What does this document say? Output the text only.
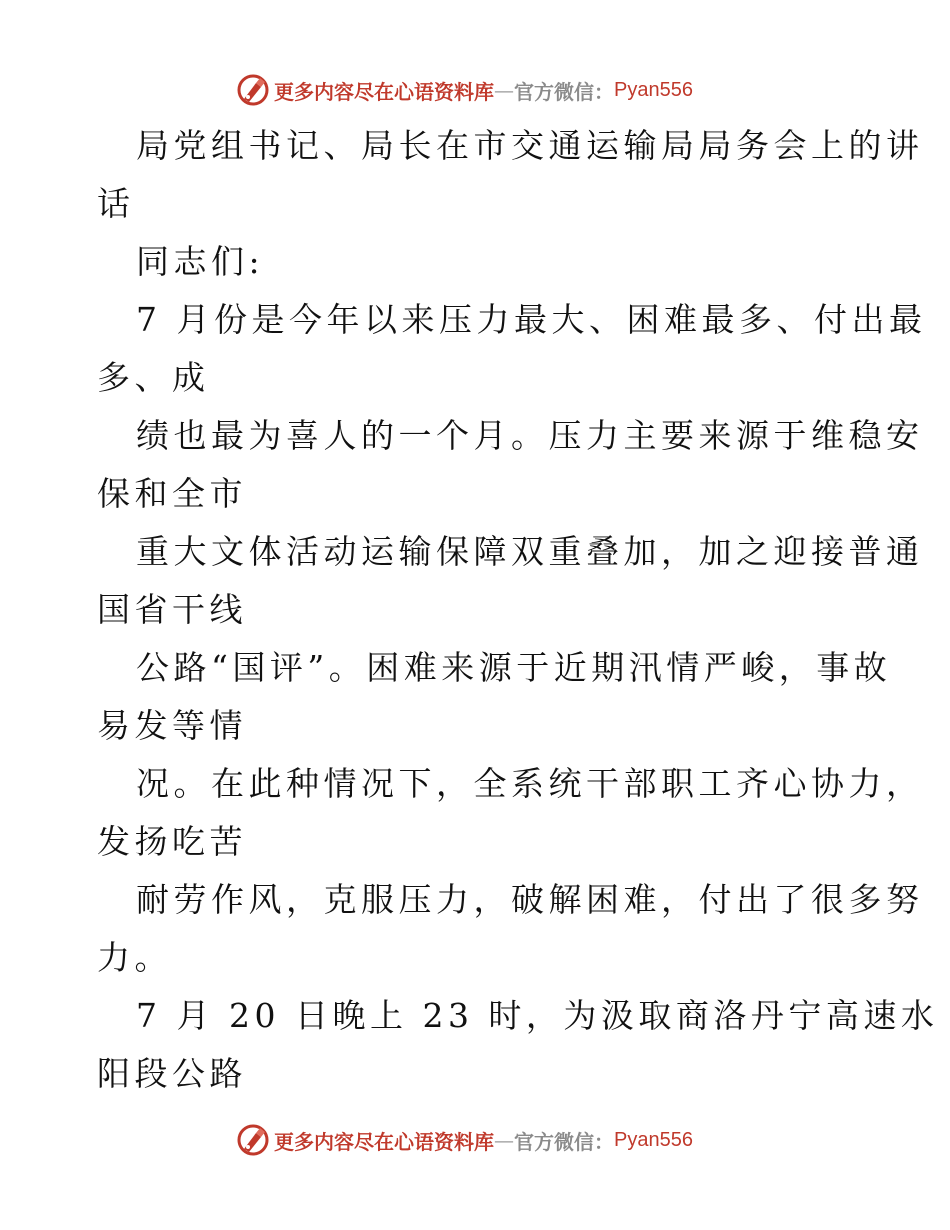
更多内容尽在心语资料库 — 官方微信： Pyan556
局党组书记、局长在市交通运输局局务会上的讲
话
同志们:
7 月份是今年以来压力最大、困难最多、付出最
多、成
绩也最为喜人的一个月。压力主要来源于维稳安
保和全市
重大文体活动运输保障双重叠加，加之迎接普通
国省干线
公路“国评”。困难来源于近期汛情严峻，事故
易发等情
况。在此种情况下，全系统干部职工齐心协力，
发扬吃苦
耐劳作风，克服压力，破解困难，付出了很多努
力。
7 月 20 日晚上 23 时，为汲取商洛丹宁高速水
阳段公路
更多内容尽在心语资料库 — 官方微信： Pyan556
